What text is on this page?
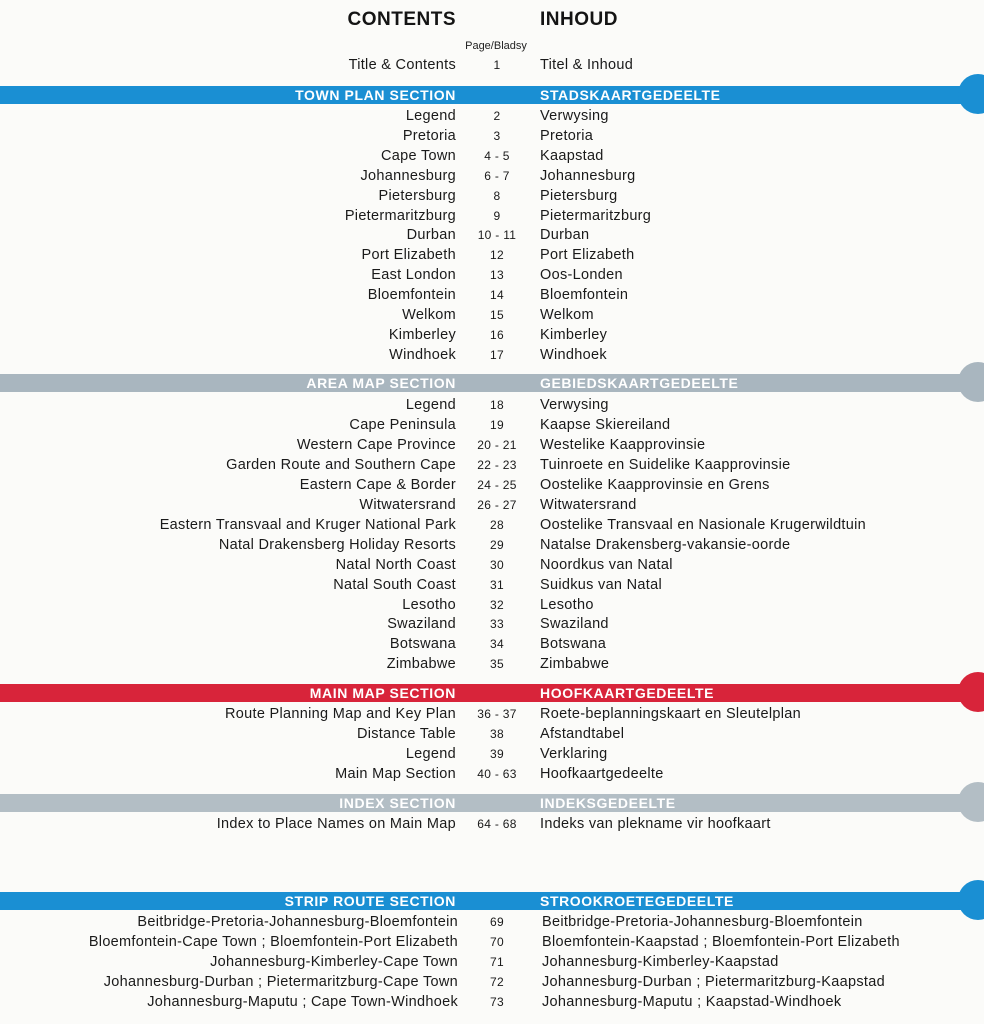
CONTENTS	INHOUD
Page/Bladsy
Title & Contents	1	Titel & Inhoud
TOWN PLAN SECTION	STADSKAARTGEDEELTE
Legend	2	Verwysing
Pretoria	3	Pretoria
Cape Town	4 - 5	Kaapstad
Johannesburg	6 - 7	Johannesburg
Pietersburg	8	Pietersburg
Pietermaritzburg	9	Pietermaritzburg
Durban	10 - 11	Durban
Port Elizabeth	12	Port Elizabeth
East London	13	Oos-Londen
Bloemfontein	14	Bloemfontein
Welkom	15	Welkom
Kimberley	16	Kimberley
Windhoek	17	Windhoek
AREA MAP SECTION	GEBIEDSKAARTGEDEELTE
Legend	18	Verwysing
Cape Peninsula	19	Kaapse Skiereiland
Western Cape Province	20 - 21	Westelike Kaapprovinsie
Garden Route and Southern Cape	22 - 23	Tuinroete en Suidelike Kaapprovinsie
Eastern Cape & Border	24 - 25	Oostelike Kaapprovinsie en Grens
Witwatersrand	26 - 27	Witwatersrand
Eastern Transvaal and Kruger National Park	28	Oostelike Transvaal en Nasionale Krugerwildtuin
Natal Drakensberg Holiday Resorts	29	Natalse Drakensberg-vakansie-oorde
Natal North Coast	30	Noordkus van Natal
Natal South Coast	31	Suidkus van Natal
Lesotho	32	Lesotho
Swaziland	33	Swaziland
Botswana	34	Botswana
Zimbabwe	35	Zimbabwe
MAIN MAP SECTION	HOOFKAARTGEDEELTE
Route Planning Map and Key Plan	36 - 37	Roete-beplanningskaart en Sleutelplan
Distance Table	38	Afstandtabel
Legend	39	Verklaring
Main Map Section	40 - 63	Hoofkaartgedeelte
INDEX SECTION	INDEKSGEDEELTE
Index to Place Names on Main Map	64 - 68	Indeks van plekname vir hoofkaart
STRIP ROUTE SECTION	STROOKROETEGEDEELTE
Beitbridge-Pretoria-Johannesburg-Bloemfontein	69	Beitbridge-Pretoria-Johannesburg-Bloemfontein
Bloemfontein-Cape Town ; Bloemfontein-Port Elizabeth	70	Bloemfontein-Kaapstad ; Bloemfontein-Port Elizabeth
Johannesburg-Kimberley-Cape Town	71	Johannesburg-Kimberley-Kaapstad
Johannesburg-Durban ; Pietermaritzburg-Cape Town	72	Johannesburg-Durban ; Pietermaritzburg-Kaapstad
Johannesburg-Maputu ; Cape Town-Windhoek	73	Johannesburg-Maputu ; Kaapstad-Windhoek
